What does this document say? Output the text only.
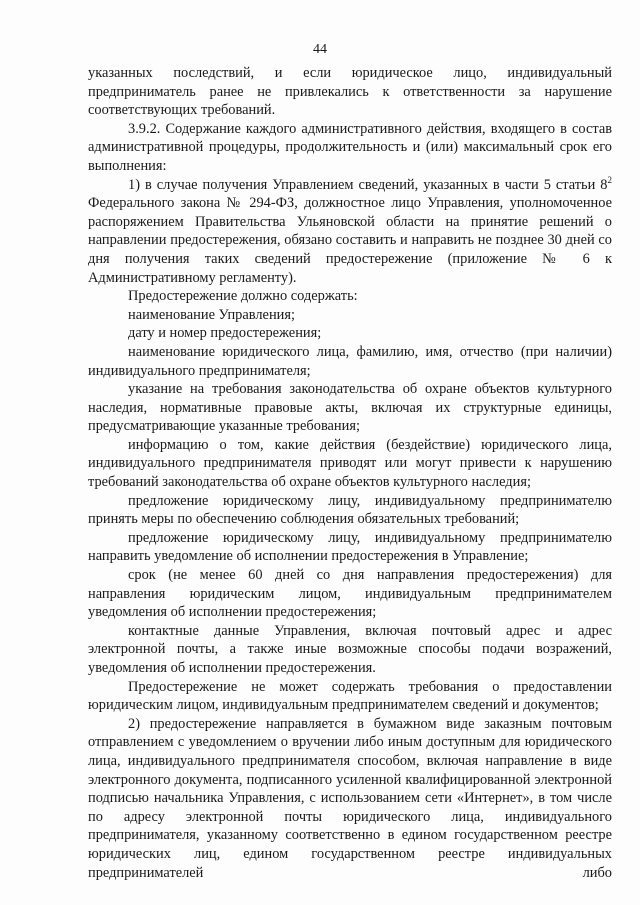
44

указанных последствий, и если юридическое лицо, индивидуальный предприниматель ранее не привлекались к ответственности за нарушение соответствующих требований.

3.9.2. Содержание каждого административного действия, входящего в состав административной процедуры, продолжительность и (или) максимальный срок его выполнения:

1) в случае получения Управлением сведений, указанных в части 5 статьи $8^2$ Федерального закона № 294-ФЗ, должностное лицо Управления, уполномоченное распоряжением Правительства Ульяновской области на принятие решений о направлении предостережения, обязано составить и направить не позднее 30 дней со дня получения таких сведений предостережение (приложение № 6 к Административному регламенту).

Предостережение должно содержать:

наименование Управления;

дату и номер предостережения;

наименование юридического лица, фамилию, имя, отчество (при наличии) индивидуального предпринимателя;

указание на требования законодательства об охране объектов культурного наследия, нормативные правовые акты, включая их структурные единицы, предусматривающие указанные требования;

информацию о том, какие действия (бездействие) юридического лица, индивидуального предпринимателя приводят или могут привести к нарушению требований законодательства об охране объектов культурного наследия;

предложение юридическому лицу, индивидуальному предпринимателю принять меры по обеспечению соблюдения обязательных требований;

предложение юридическому лицу, индивидуальному предпринимателю направить уведомление об исполнении предостережения в Управление;

срок (не менее 60 дней со дня направления предостережения) для направления юридическим лицом, индивидуальным предпринимателем уведомления об исполнении предостережения;

контактные данные Управления, включая почтовый адрес и адрес электронной почты, а также иные возможные способы подачи возражений, уведомления об исполнении предостережения.

Предостережение не может содержать требования о предоставлении юридическим лицом, индивидуальным предпринимателем сведений и документов;

2) предостережение направляется в бумажном виде заказным почтовым отправлением с уведомлением о вручении либо иным доступным для юридического лица, индивидуального предпринимателя способом, включая направление в виде электронного документа, подписанного усиленной квалифицированной электронной подписью начальника Управления, с использованием сети «Интернет», в том числе по адресу электронной почты юридического лица, индивидуального предпринимателя, указанному соответственно в едином государственном реестре юридических лиц, едином государственном реестре индивидуальных предпринимателей либо
